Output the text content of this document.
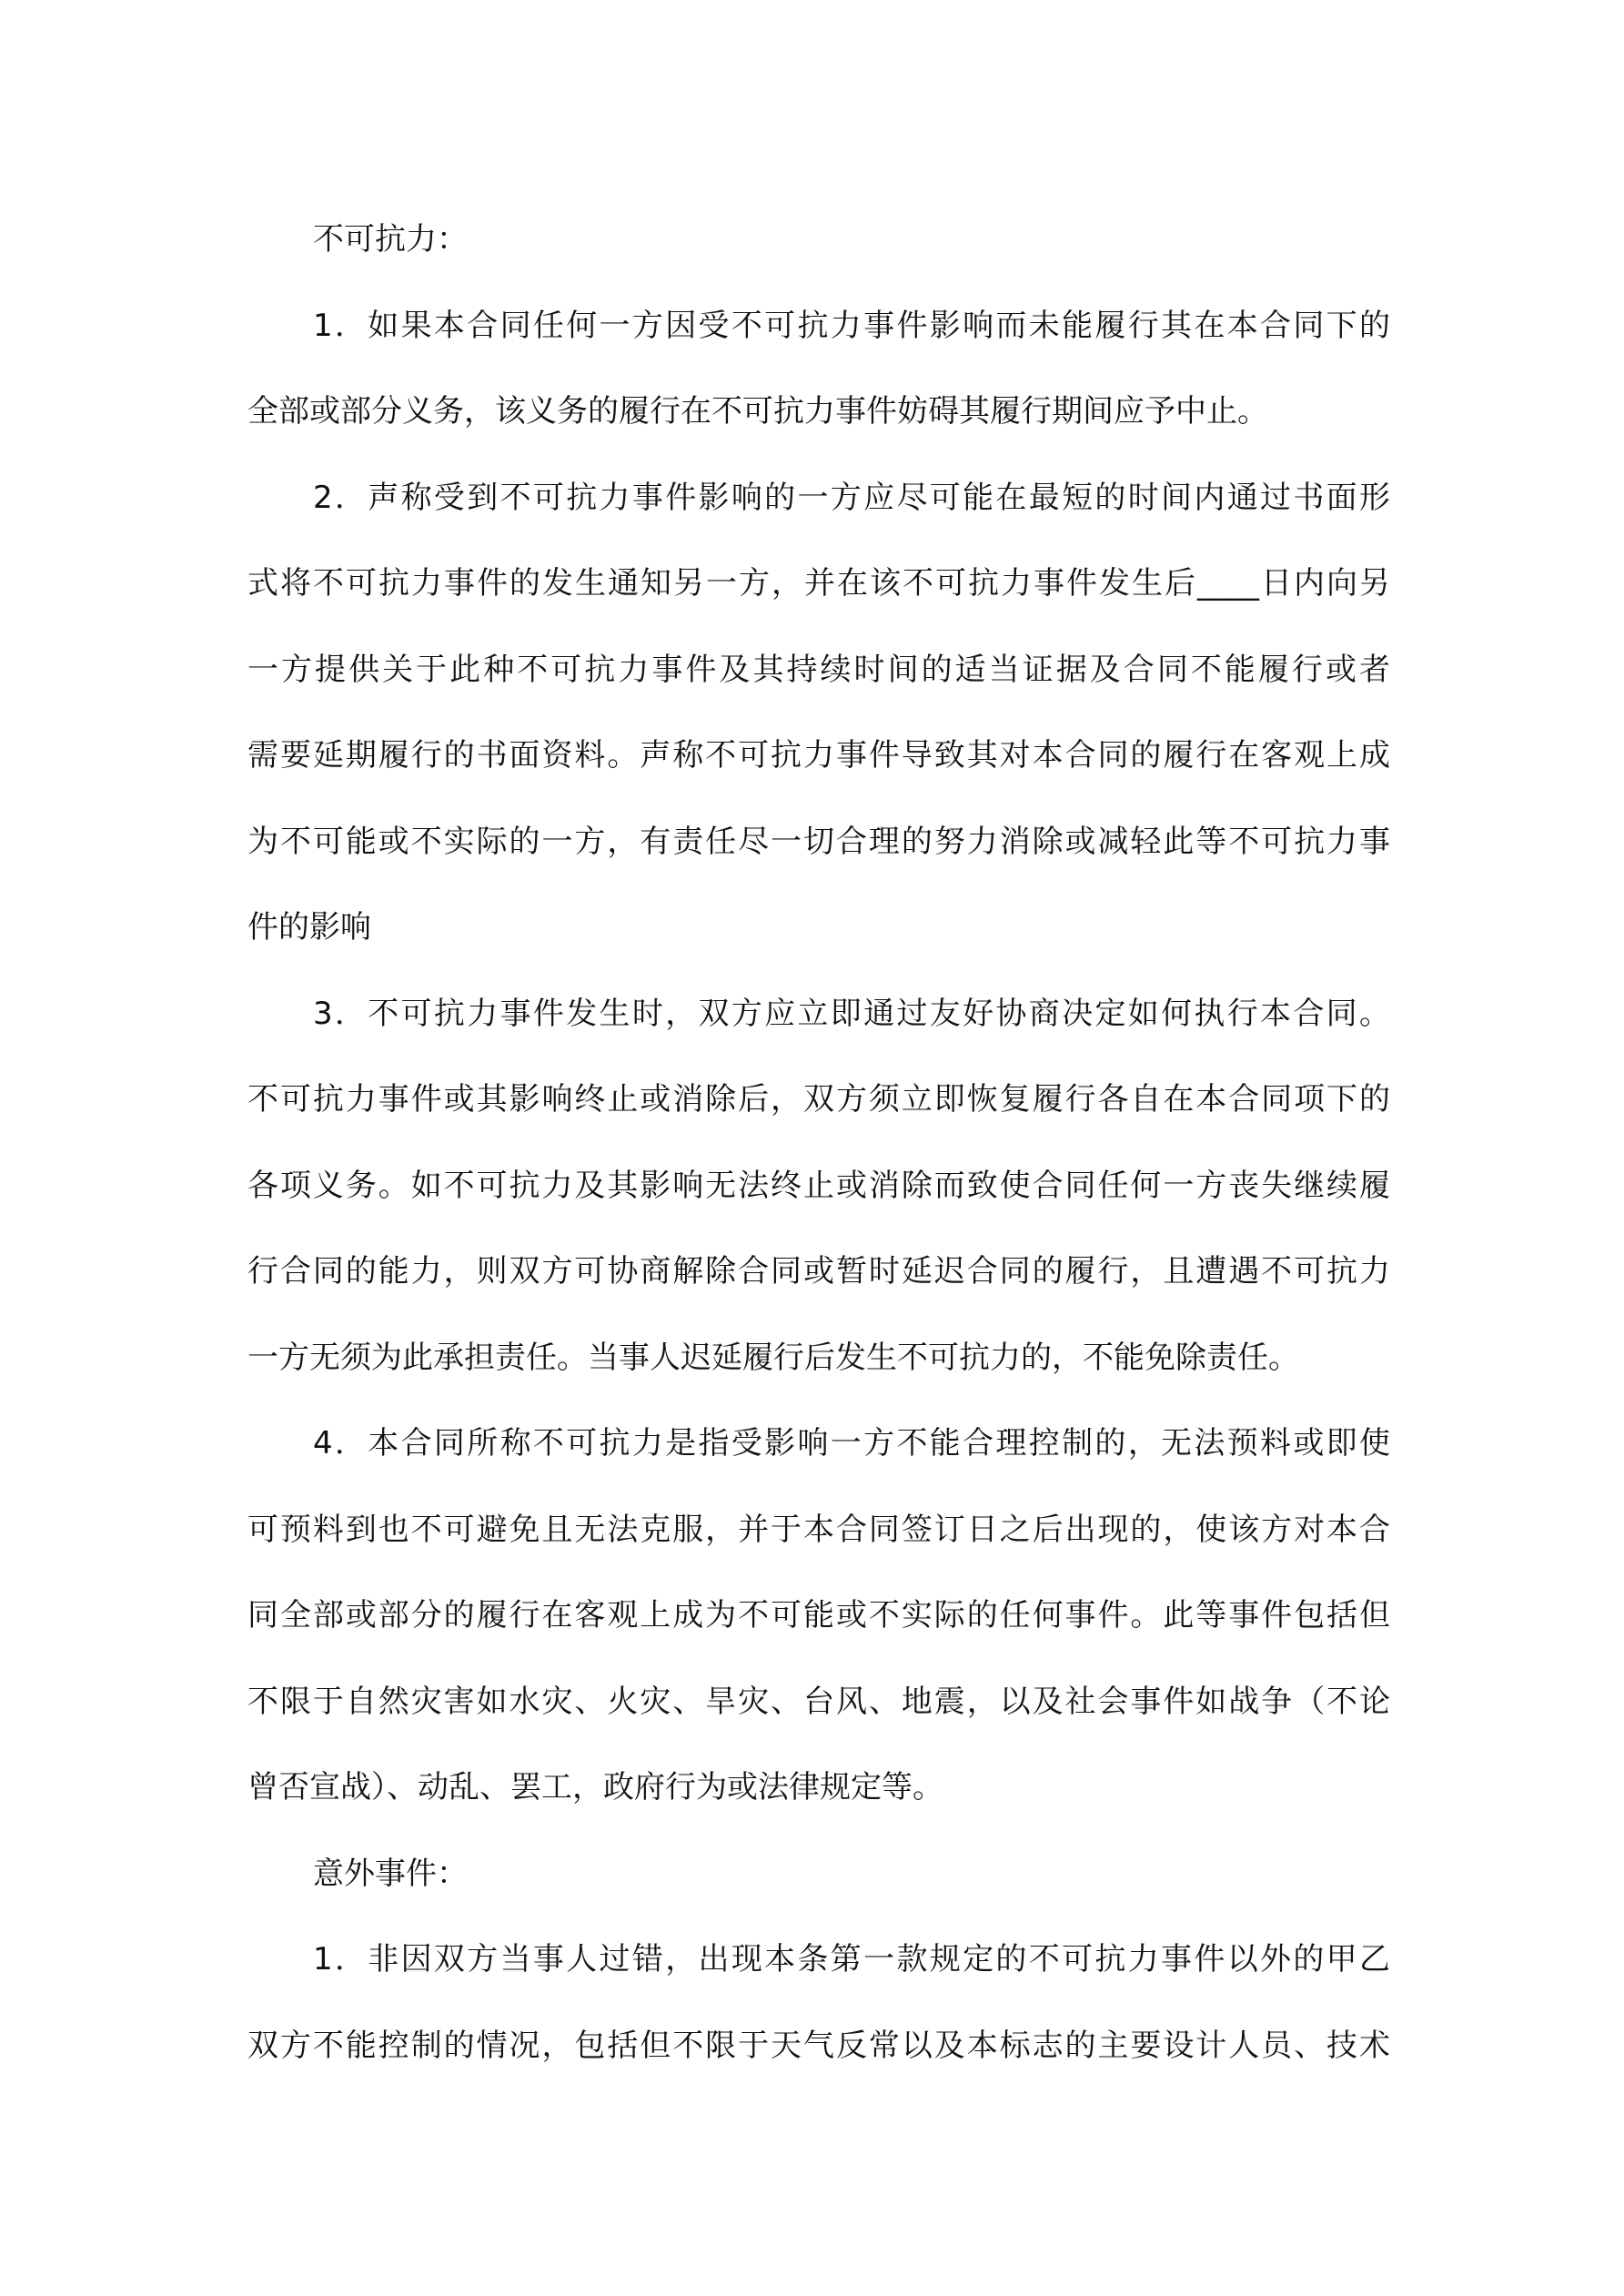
不可抗力：
1．如果本合同任何一方因受不可抗力事件影响而未能履行其在本合同下的
全部或部分义务，该义务的履行在不可抗力事件妨碍其履行期间应予中止。
2．声称受到不可抗力事件影响的一方应尽可能在最短的时间内通过书面形
式将不可抗力事件的发生通知另一方，并在该不可抗力事件发生后____日内向另
一方提供关于此种不可抗力事件及其持续时间的适当证据及合同不能履行或者
需要延期履行的书面资料。声称不可抗力事件导致其对本合同的履行在客观上成
为不可能或不实际的一方，有责任尽一切合理的努力消除或减轻此等不可抗力事
件的影响
3．不可抗力事件发生时，双方应立即通过友好协商决定如何执行本合同。
不可抗力事件或其影响终止或消除后，双方须立即恢复履行各自在本合同项下的
各项义务。如不可抗力及其影响无法终止或消除而致使合同任何一方丧失继续履
行合同的能力，则双方可协商解除合同或暂时延迟合同的履行，且遭遇不可抗力
一方无须为此承担责任。当事人迟延履行后发生不可抗力的，不能免除责任。
4．本合同所称不可抗力是指受影响一方不能合理控制的，无法预料或即使
可预料到也不可避免且无法克服，并于本合同签订日之后出现的，使该方对本合
同全部或部分的履行在客观上成为不可能或不实际的任何事件。此等事件包括但
不限于自然灾害如水灾、火灾、旱灾、台风、地震，以及社会事件如战争（不论
曾否宣战）、动乱、罢工，政府行为或法律规定等。
意外事件：
1．非因双方当事人过错，出现本条第一款规定的不可抗力事件以外的甲乙
双方不能控制的情况，包括但不限于天气反常以及本标志的主要设计人员、技术
